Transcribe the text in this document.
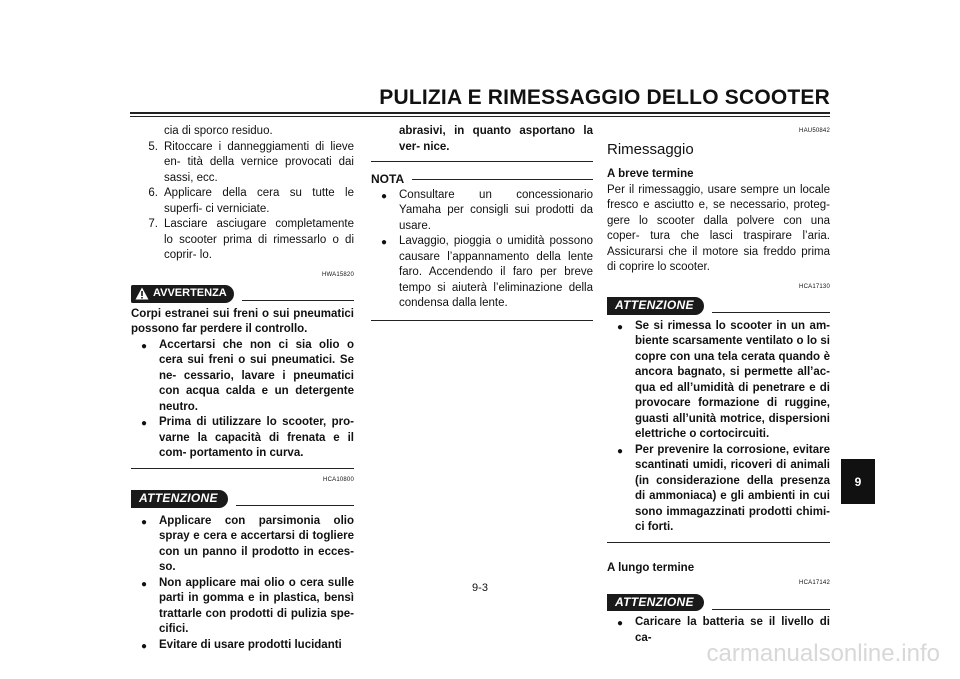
PULIZIA E RIMESSAGGIO DELLO SCOOTER
cia di sporco residuo.
5. Ritoccare i danneggiamenti di lieve en- tità della vernice provocati dai sassi, ecc.
6. Applicare della cera su tutte le superfi- ci verniciate.
7. Lasciare asciugare completamente lo scooter prima di rimessarlo o di coprir- lo.
HWA15820
AVVERTENZA
Corpi estranei sui freni o sui pneumatici possono far perdere il controllo.
●	Accertarsi che non ci sia olio o cera sui freni o sui pneumatici. Se ne- cessario, lavare i pneumatici con acqua calda e un detergente neutro.
●	Prima di utilizzare lo scooter, pro- varne la capacità di frenata e il com- portamento in curva.
HCA10800
ATTENZIONE
●	Applicare con parsimonia olio spray e cera e accertarsi di togliere con un panno il prodotto in ecces- so.
●	Non applicare mai olio o cera sulle parti in gomma e in plastica, bensì trattarle con prodotti di pulizia spe- cifici.
●	Evitare di usare prodotti lucidanti
abrasivi, in quanto asportano la ver- nice.
NOTA
●	Consultare un concessionario Yamaha per consigli sui prodotti da usare.
●	Lavaggio, pioggia o umidità possono causare l’appannamento della lente faro. Accendendo il faro per breve tempo si aiuterà l’eliminazione della condensa dalla lente.
HAU50842
Rimessaggio
A breve termine
Per il rimessaggio, usare sempre un locale fresco e asciutto e, se necessario, proteg- gere lo scooter dalla polvere con una coper- tura che lasci traspirare l’aria. Assicurarsi che il motore sia freddo prima di coprire lo scooter.
HCA17130
ATTENZIONE
●	Se si rimessa lo scooter in un am- biente scarsamente ventilato o lo si copre con una tela cerata quando è ancora bagnato, si permette all’ac- qua ed all’umidità di penetrare e di provocare formazione di ruggine, guasti all’unità motrice, dispersioni elettriche o cortocircuiti.
●	Per prevenire la corrosione, evitare scantinati umidi, ricoveri di animali (in considerazione della presenza di ammoniaca) e gli ambienti in cui sono immagazzinati prodotti chimi- ci forti.
A lungo termine
HCA17142
ATTENZIONE
●	Caricare la batteria se il livello di ca-
9-3
9
carmanualsonline.info
